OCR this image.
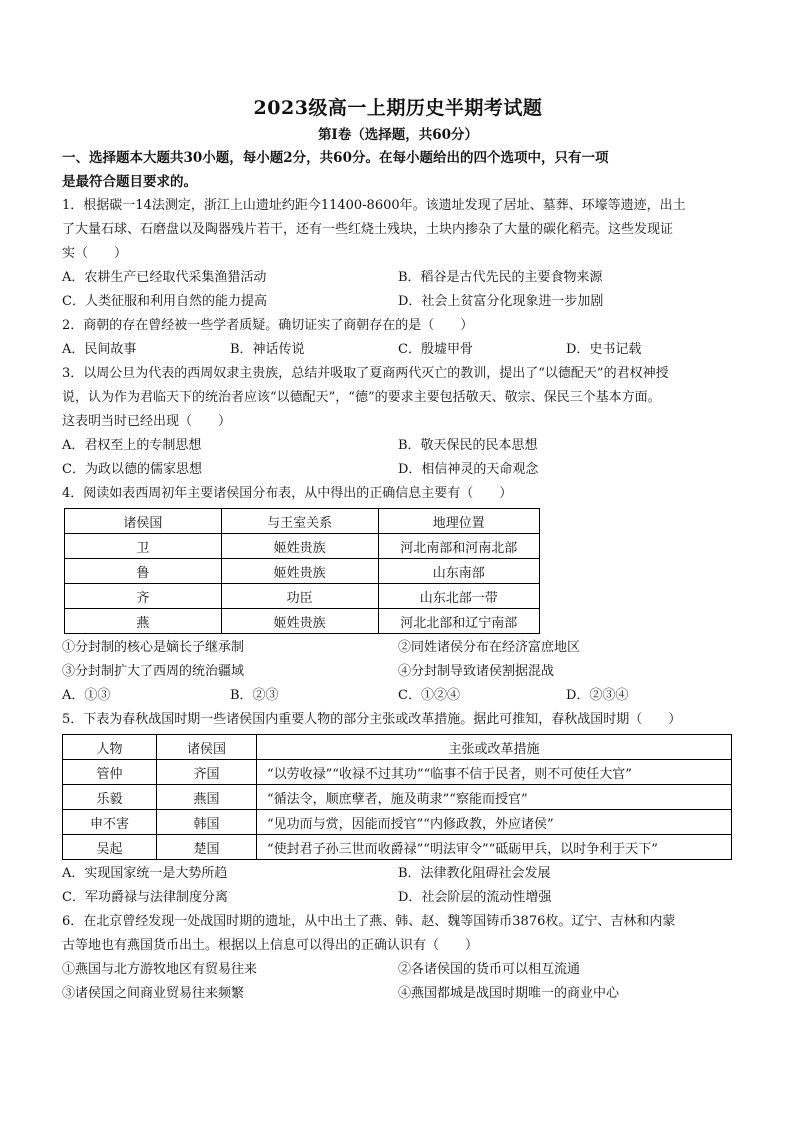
2023级高一上期历史半期考试题
第Ⅰ卷（选择题，共60分）
一、选择题本大题共30小题，每小题2分，共60分。在每小题给出的四个选项中，只有一项
是最符合题目要求的。
1．根据碳一14法测定，浙江上山遗址约距今11400-8600年。该遗址发现了居址、墓葬、环壕等遗迹，出土
了大量石球、石磨盘以及陶器残片若干，还有一些红烧土残块，土块内掺杂了大量的碳化稻壳。这些发现证
实（　　）
A．农耕生产已经取代采集渔猎活动	B．稻谷是古代先民的主要食物来源
C．人类征服和利用自然的能力提高	D．社会上贫富分化现象进一步加剧
2．商朝的存在曾经被一些学者质疑。确切证实了商朝存在的是（　　）
A．民间故事	B．神话传说	C．殷墟甲骨	D．史书记载
3．以周公旦为代表的西周奴隶主贵族，总结并吸取了夏商两代灭亡的教训，提出了“以德配天”的君权神授
说，认为作为君临天下的统治者应该“以德配天”，“德”的要求主要包括敬天、敬宗、保民三个基本方面。
这表明当时已经出现（　　）
A．君权至上的专制思想	B．敬天保民的民本思想
C．为政以德的儒家思想	D．相信神灵的天命观念
4．阅读如表西周初年主要诸侯国分布表，从中得出的正确信息主要有（　　）
诸侯国	与王室关系	地理位置
卫	姬姓贵族	河北南部和河南北部
鲁	姬姓贵族	山东南部
齐	功臣	山东北部一带
燕	姬姓贵族	河北北部和辽宁南部
①分封制的核心是嫡长子继承制	②同姓诸侯分布在经济富庶地区
③分封制扩大了西周的统治疆域	④分封制导致诸侯割据混战
A．①③	B．②③	C．①②④	D．②③④
5．下表为春秋战国时期一些诸侯国内重要人物的部分主张或改革措施。据此可推知，春秋战国时期（　　）
人物	诸侯国	主张或改革措施
管仲	齐国	“以劳收禄”“收禄不过其功”“临事不信于民者，则不可使任大官”
乐毅	燕国	“循法令，顺庶孽者，施及萌隶”“察能而授官”
申不害	韩国	“见功而与赏，因能而授官”“内修政教，外应诸侯”
吴起	楚国	“使封君子孙三世而收爵禄”“明法审令”“砥砺甲兵，以时争利于天下”
A．实现国家统一是大势所趋	B．法律教化阻碍社会发展
C．军功爵禄与法律制度分离	D．社会阶层的流动性增强
6．在北京曾经发现一处战国时期的遗址，从中出土了燕、韩、赵、魏等国铸币3876枚。辽宁、吉林和内蒙
古等地也有燕国货币出土。根据以上信息可以得出的正确认识有（　　）
①燕国与北方游牧地区有贸易往来	②各诸侯国的货币可以相互流通
③诸侯国之间商业贸易往来频繁	④燕国都城是战国时期唯一的商业中心
